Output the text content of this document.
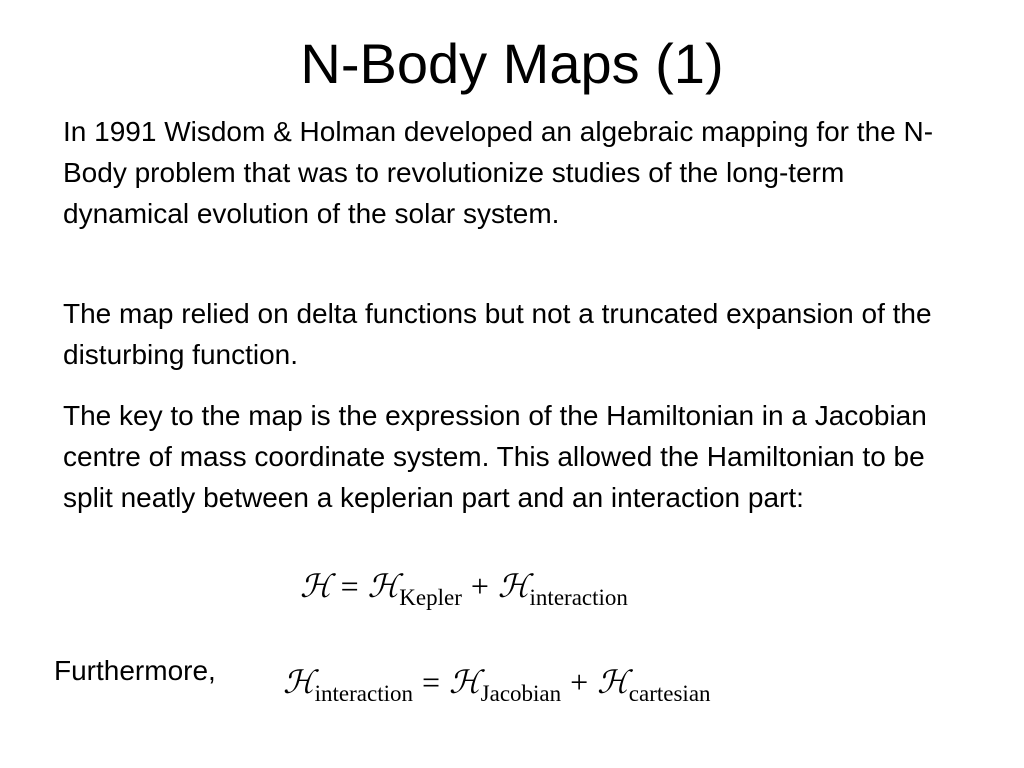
N-Body Maps (1)
In 1991 Wisdom & Holman developed an algebraic mapping for the N-Body problem that was to revolutionize studies of the long-term dynamical evolution of the solar system.
The map relied on delta functions but not a truncated expansion of the disturbing function.
The key to the map is the expression of the Hamiltonian in a Jacobian centre of mass coordinate system. This allowed the Hamiltonian to be split neatly between a keplerian part and an interaction part:
ℋ = ℋ$_{Kepler}$ + ℋ$_{interaction}$
Furthermore, ℋ$_{interaction}$ = ℋ$_{Jacobian}$ + ℋ$_{cartesian}$
